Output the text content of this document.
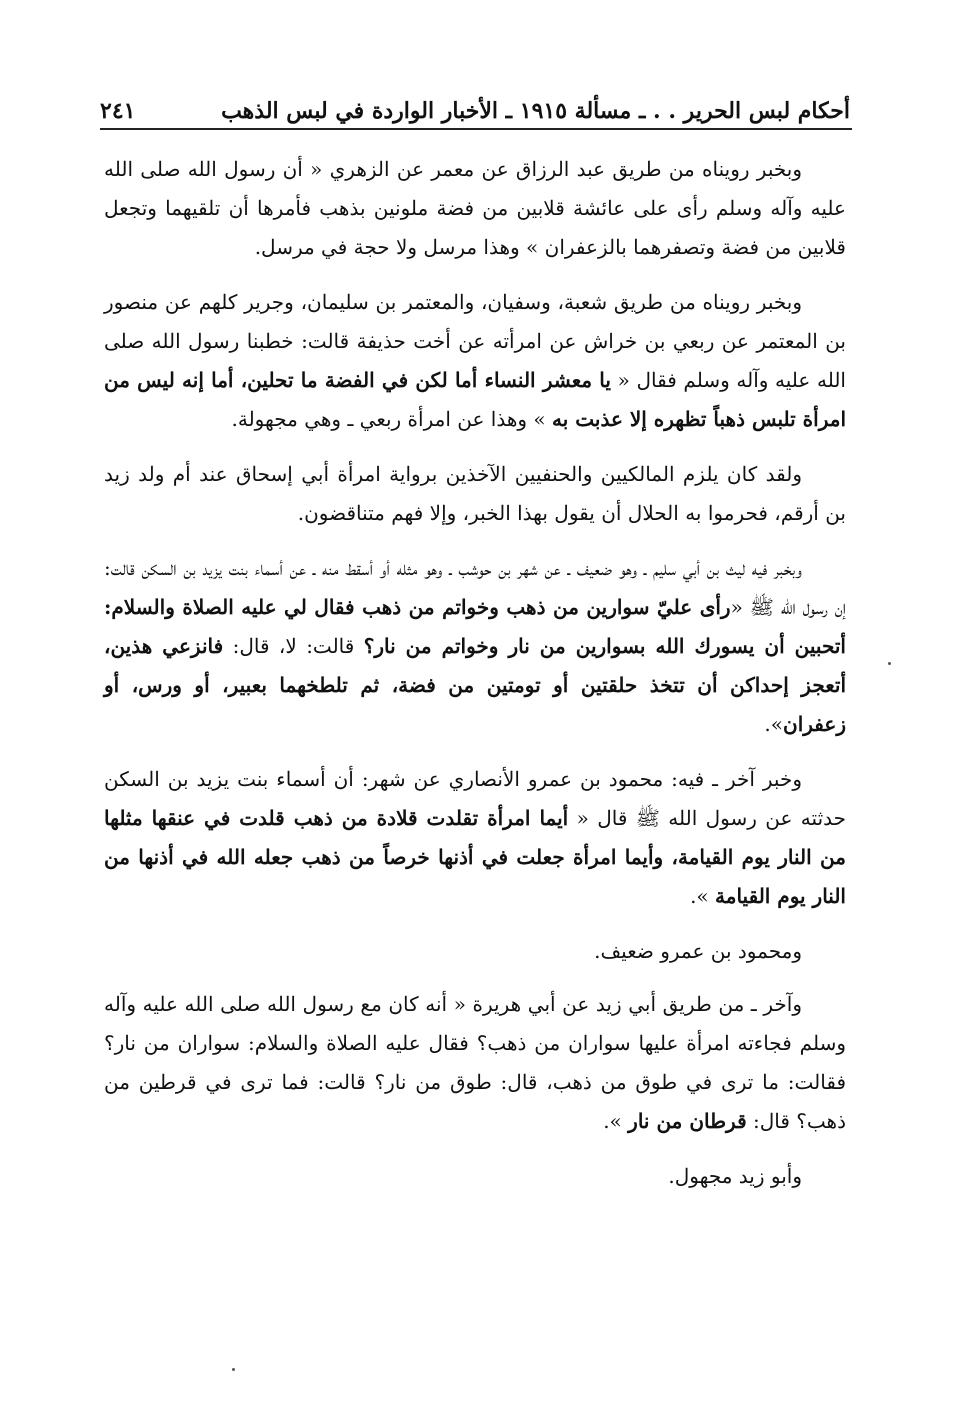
أحكام لبس الحرير . . ـ مسألة ١٩١٥ ـ الأخبار الواردة في لبس الذهب
٢٤١

وبخبر رويناه من طريق عبد الرزاق عن معمر عن الزهري « أن رسول الله صلى الله عليه وآله وسلم رأى على عائشة قلابين من فضة ملونين بذهب فأمرها أن تلقيهما وتجعل قلابين من فضة وتصفرهما بالزعفران » وهذا مرسل ولا حجة في مرسل.

وبخبر رويناه من طريق شعبة، وسفيان، والمعتمر بن سليمان، وجرير كلهم عن منصور بن المعتمر عن ربعي بن خراش عن امرأته عن أخت حذيفة قالت: خطبنا رسول الله صلى الله عليه وآله وسلم فقال « يا معشر النساء أما لكن في الفضة ما تحلين، أما إنه ليس من امرأة تلبس ذهباً تظهره إلا عذبت به » وهذا عن امرأة ربعي ـ وهي مجهولة.

ولقد كان يلزم المالكيين والحنفيين الآخذين برواية امرأة أبي إسحاق عند أم ولد زيد بن أرقم، فحرموا به الحلال أن يقول بهذا الخبر، وإلا فهم متناقضون.

وبخبر فيه ليث بن أبي سليم ـ وهو ضعيف ـ عن شهر بن حوشب ـ وهو مثله أو أسقط منه ـ عن أسماء بنت يزيد بن السكن قالت: إن رسول الله ﷺ «رأى عليّ سوارين من ذهب وخواتم من ذهب فقال لي عليه الصلاة والسلام: أتحبين أن يسورك الله بسوارين من نار وخواتم من نار؟ قالت: لا، قال: فانزعي هذين، أتعجز إحداكن أن تتخذ حلقتين أو تومتين من فضة، ثم تلطخهما بعبير، أو ورس، أو زعفران».

وخبر آخر ـ فيه: محمود بن عمرو الأنصاري عن شهر: أن أسماء بنت يزيد بن السكن حدثته عن رسول الله ﷺ قال « أيما امرأة تقلدت قلادة من ذهب قلدت في عنقها مثلها من النار يوم القيامة، وأيما امرأة جعلت في أذنها خرصاً من ذهب جعله الله في أذنها من النار يوم القيامة ».

ومحمود بن عمرو ضعيف.

وآخر ـ من طريق أبي زيد عن أبي هريرة « أنه كان مع رسول الله صلى الله عليه وآله وسلم فجاءته امرأة عليها سواران من ذهب؟ فقال عليه الصلاة والسلام: سواران من نار؟ فقالت: ما ترى في طوق من ذهب، قال: طوق من نار؟ قالت: فما ترى في قرطين من ذهب؟ قال: قرطان من نار ».

وأبو زيد مجهول.
